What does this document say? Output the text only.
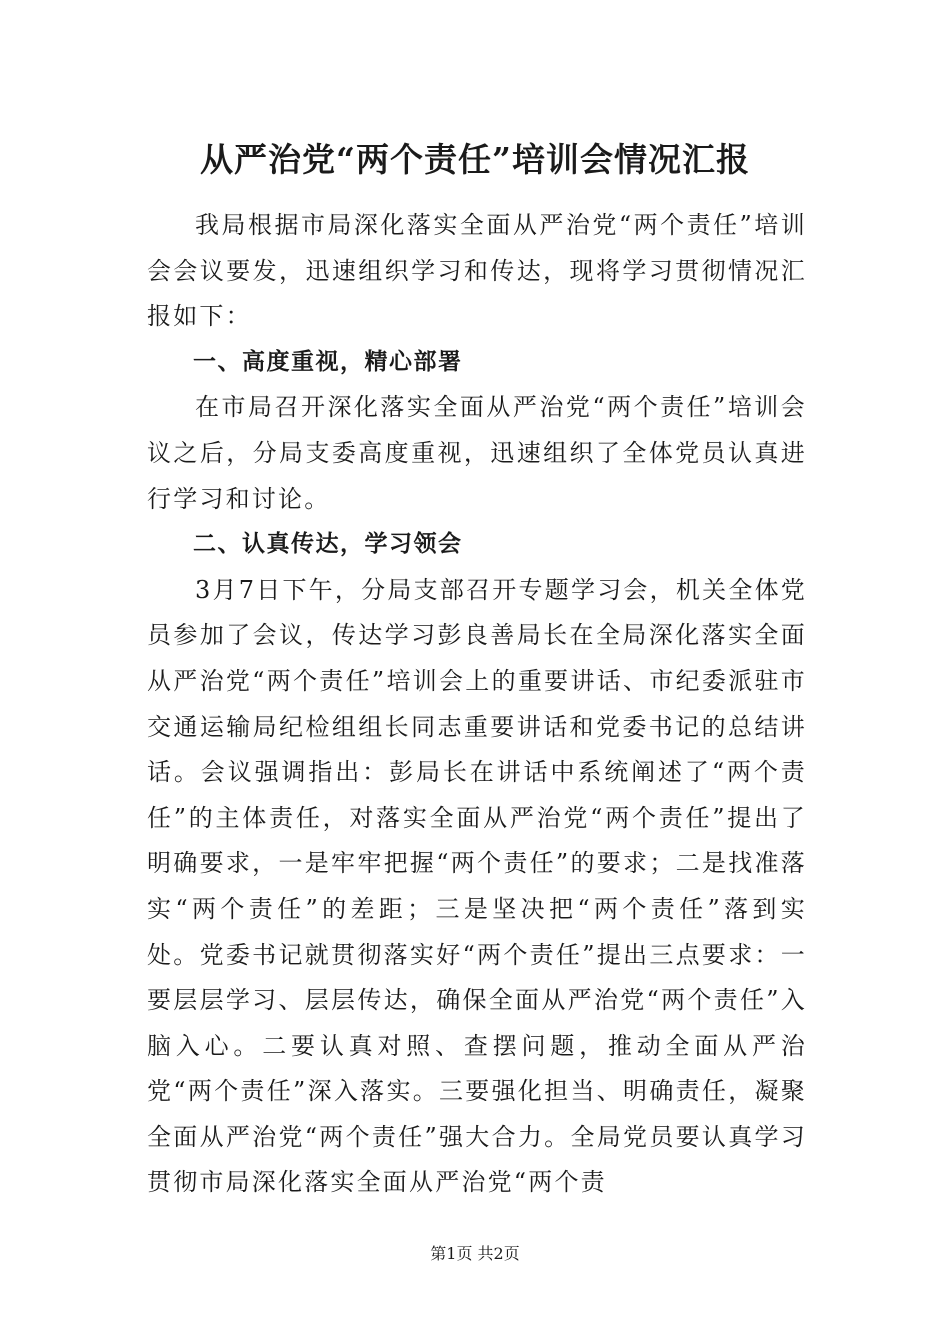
从严治党“两个责任”培训会情况汇报

我局根据市局深化落实全面从严治党“两个责任”培训会会议要发，迅速组织学习和传达，现将学习贯彻情况汇报如下：

一、高度重视，精心部署

在市局召开深化落实全面从严治党“两个责任”培训会议之后，分局支委高度重视，迅速组织了全体党员认真进行学习和讨论。

二、认真传达，学习领会

3月7日下午，分局支部召开专题学习会，机关全体党员参加了会议，传达学习彭良善局长在全局深化落实全面从严治党“两个责任”培训会上的重要讲话、市纪委派驻市交通运输局纪检组组长同志重要讲话和党委书记的总结讲话。会议强调指出：彭局长在讲话中系统阐述了“两个责任”的主体责任，对落实全面从严治党“两个责任”提出了明确要求，一是牢牢把握“两个责任”的要求；二是找准落实“两个责任”的差距；三是坚决把“两个责任”落到实处。党委书记就贯彻落实好“两个责任”提出三点要求：一要层层学习、层层传达，确保全面从严治党“两个责任”入脑入心。二要认真对照、查摆问题，推动全面从严治党“两个责任”深入落实。三要强化担当、明确责任，凝聚全面从严治党“两个责任”强大合力。全局党员要认真学习贯彻市局深化落实全面从严治党“两个责

第1页 共2页
